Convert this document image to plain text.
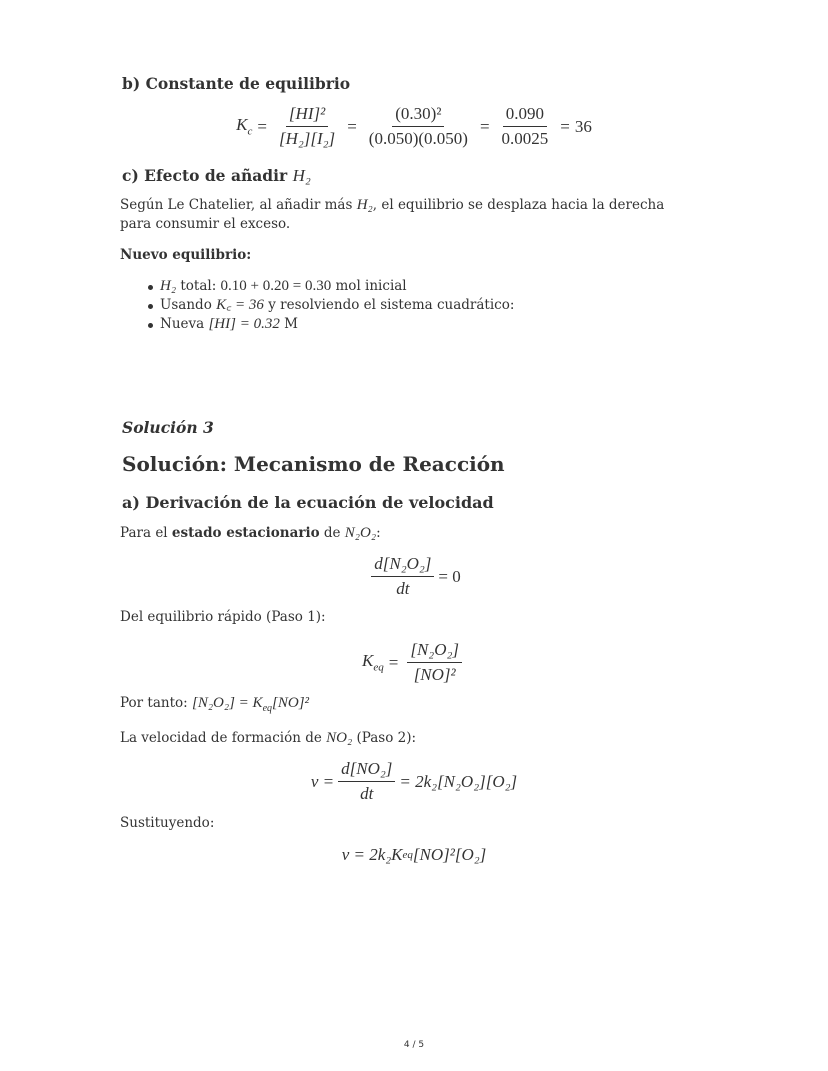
b) Constante de equilibrio
$K_c = \frac{\text{[HI]²}}{\text{[H₂][I₂]}} = \frac{\text{(0.30)²}}{(0.050)(0.050)} = \frac{0.090}{0.0025} = 36$
c) Efecto de añadir H₂
Según Le Chatelier, al añadir más H₂, el equilibrio se desplaza hacia la derecha para consumir el exceso.
Nuevo equilibrio:
H₂ total: 0.10 + 0.20 = 0.30 mol inicial
Usando K꜀ = 36 y resolviendo el sistema cuadrático:
Nueva [HI] = 0.32 M
Solución 3
Solución: Mecanismo de Reacción
a) Derivación de la ecuación de velocidad
Para el estado estacionario de N₂O₂:
$\frac{\text{d[N₂O₂]}}{dt} = 0$
Del equilibrio rápido (Paso 1):
$K_{eq} = \frac{\text{[N₂O₂]}}{\text{[NO]²}}$
Por tanto: $[N_2O_2] = K_{eq}[NO]^2$
La velocidad de formación de NO₂ (Paso 2):
$v = \frac{\text{d[NO₂]}}{dt} = 2k_2[N_2O_2][O_2]$
Sustituyendo:
v = 2k₂K eq [NO]²[O₂]
4 / 5
